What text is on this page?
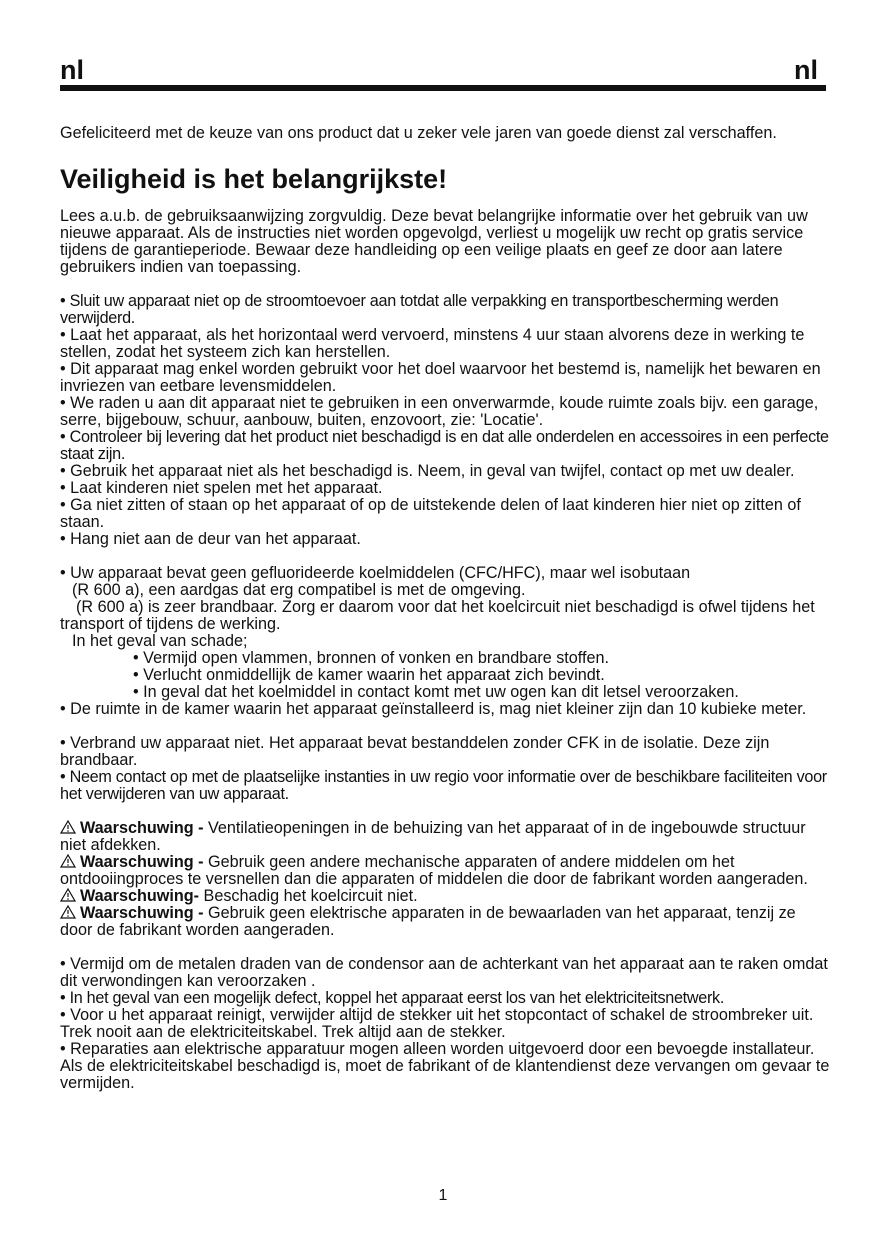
nl	nl

Gefeliciteerd met de keuze van ons product dat u zeker vele jaren van goede dienst zal verschaffen.

Veiligheid is het belangrijkste!

Lees a.u.b. de gebruiksaanwijzing zorgvuldig. Deze bevat belangrijke informatie over het gebruik van uw nieuwe apparaat. Als de instructies niet worden opgevolgd, verliest u mogelijk uw recht op gratis service tijdens de garantieperiode. Bewaar deze handleiding op een veilige plaats en geef ze door aan latere gebruikers indien van toepassing.

• Sluit uw apparaat niet op de stroomtoevoer aan totdat alle verpakking en transportbescherming werden verwijderd.

• Laat het apparaat, als het horizontaal werd vervoerd, minstens 4 uur staan alvorens deze in werking te stellen, zodat het systeem zich kan herstellen.

• Dit apparaat mag enkel worden gebruikt voor het doel waarvoor het bestemd is, namelijk het bewaren en invriezen van eetbare levensmiddelen.

• We raden u aan dit apparaat niet te gebruiken in een onverwarmde, koude ruimte zoals bijv. een garage, serre, bijgebouw, schuur, aanbouw, buiten, enzovoort, zie: 'Locatie'.

• Controleer bij levering dat het product niet beschadigd is en dat alle onderdelen en accessoires in een perfecte staat zijn.

• Gebruik het apparaat niet als het beschadigd is. Neem, in geval van twijfel, contact op met uw dealer.

• Laat kinderen niet spelen met het apparaat.

• Ga niet zitten of staan op het apparaat of op de uitstekende delen of laat kinderen hier niet op zitten of staan.

• Hang niet aan de deur van het apparaat.

• Uw apparaat bevat geen gefluorideerde koelmiddelen (CFC/HFC), maar wel isobutaan

(R 600 a), een aardgas dat erg compatibel is met de omgeving.

(R 600 a) is zeer brandbaar. Zorg er daarom voor dat het koelcircuit niet beschadigd is ofwel tijdens het transport of tijdens de werking.

In het geval van schade;

• Vermijd open vlammen, bronnen of vonken en brandbare stoffen.

• Verlucht onmiddellijk de kamer waarin het apparaat zich bevindt.

• In geval dat het koelmiddel in contact komt met uw ogen kan dit letsel veroorzaken.

• De ruimte in de kamer waarin het apparaat geïnstalleerd is, mag niet kleiner zijn dan 10 kubieke meter.

• Verbrand uw apparaat niet. Het apparaat bevat bestanddelen zonder CFK in de isolatie. Deze zijn brandbaar.

• Neem contact op met de plaatselijke instanties in uw regio voor informatie over de beschikbare faciliteiten voor het verwijderen van uw apparaat.

Waarschuwing - Ventilatieopeningen in de behuizing van het apparaat of in de ingebouwde structuur niet afdekken.

Waarschuwing - Gebruik geen andere mechanische apparaten of andere middelen om het ontdooiingproces te versnellen dan die apparaten of middelen die door de fabrikant worden aangeraden.

Waarschuwing- Beschadig het koelcircuit niet.

Waarschuwing - Gebruik geen elektrische apparaten in de bewaarladen van het apparaat, tenzij ze door de fabrikant worden aangeraden.

• Vermijd om de metalen draden van de condensor aan de achterkant van het apparaat aan te raken omdat dit verwondingen kan veroorzaken .

• In het geval van een mogelijk defect, koppel het apparaat eerst los van het elektriciteitsnetwerk.

• Voor u het apparaat reinigt, verwijder altijd de stekker uit het stopcontact of schakel de stroombreker uit. Trek nooit aan de elektriciteitskabel. Trek altijd aan de stekker.

• Reparaties aan elektrische apparatuur mogen alleen worden uitgevoerd door een bevoegde installateur. Als de elektriciteitskabel beschadigd is, moet de fabrikant of de klantendienst deze vervangen om gevaar te vermijden.

1
